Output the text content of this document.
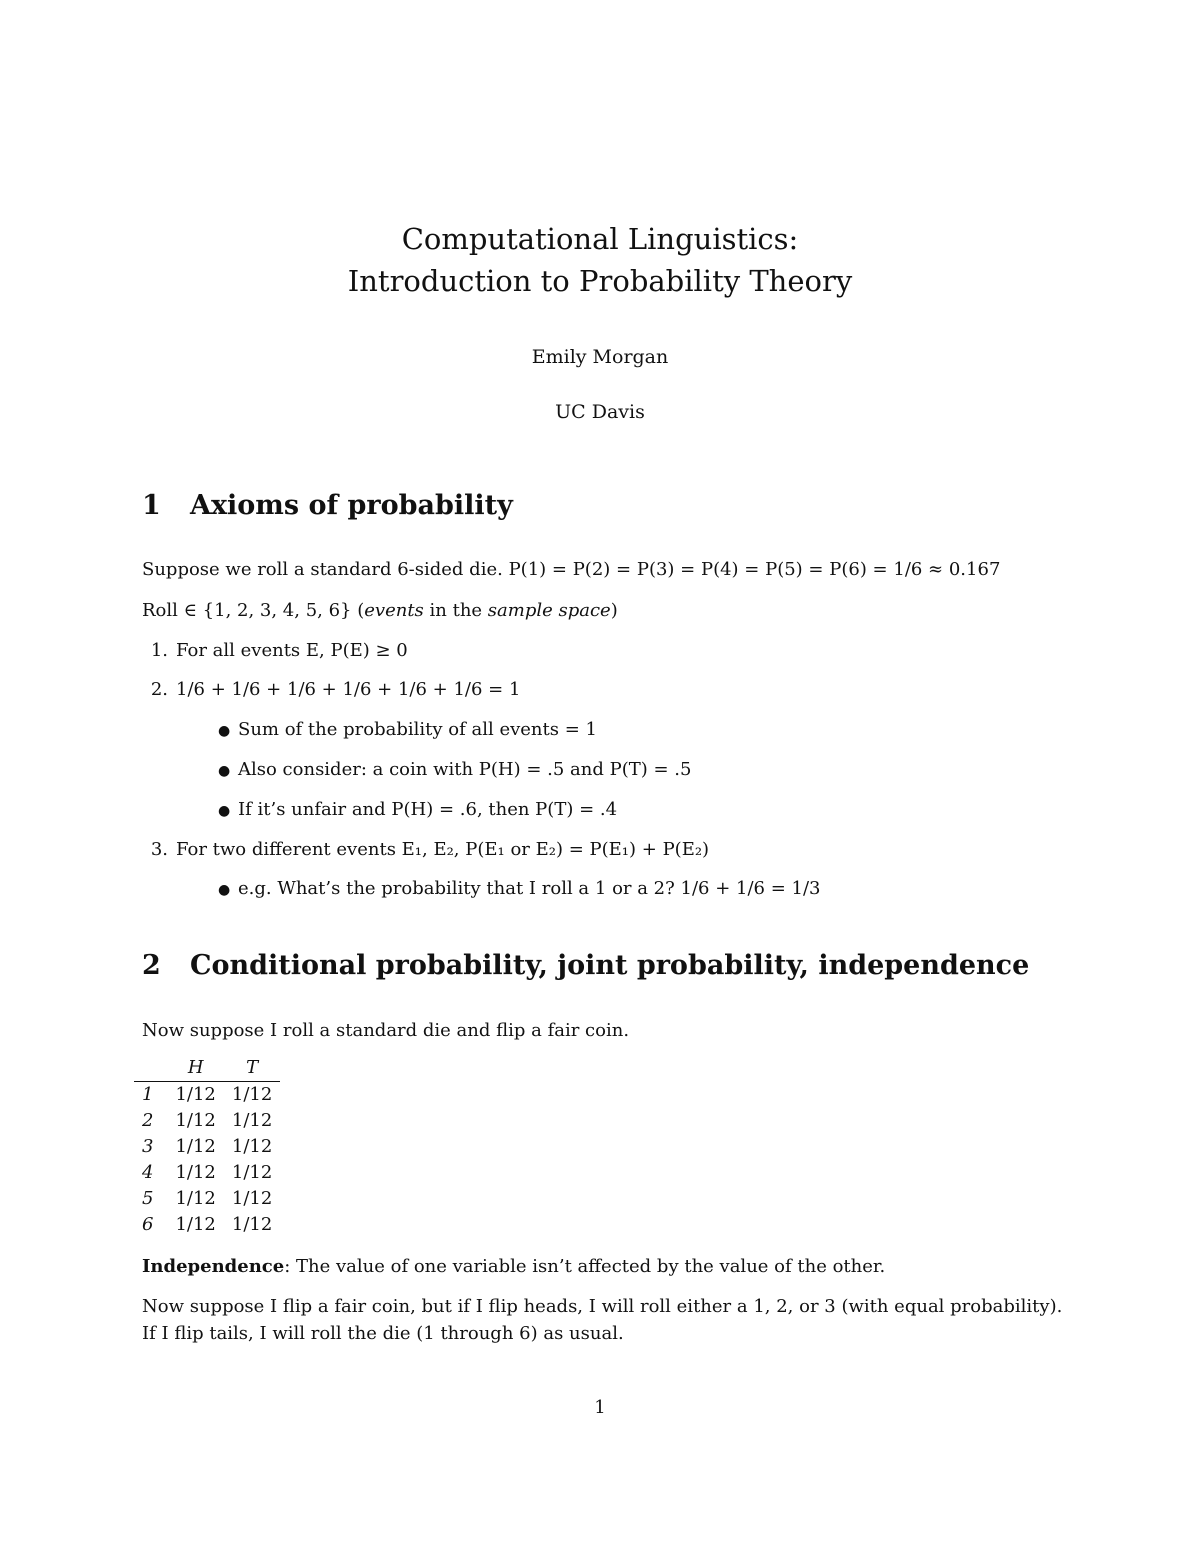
Computational Linguistics:
Introduction to Probability Theory
Emily Morgan
UC Davis
1 Axioms of probability
Suppose we roll a standard 6-sided die. P(1) = P(2) = P(3) = P(4) = P(5) = P(6) = 1/6 ≈ 0.167
Roll ∈ {1, 2, 3, 4, 5, 6} (events in the sample space)
1. For all events E, P(E) ≥ 0
2. 1/6 + 1/6 + 1/6 + 1/6 + 1/6 + 1/6 = 1
● Sum of the probability of all events = 1
● Also consider: a coin with P(H) = .5 and P(T) = .5
● If it’s unfair and P(H) = .6, then P(T) = .4
3. For two different events E₁, E₂, P(E₁ or E₂) = P(E₁) + P(E₂)
● e.g. What’s the probability that I roll a 1 or a 2? 1/6 + 1/6 = 1/3
2 Conditional probability, joint probability, independence
Now suppose I roll a standard die and flip a fair coin.
	H	T
1	1/12	1/12
2	1/12	1/12
3	1/12	1/12
4	1/12	1/12
5	1/12	1/12
6	1/12	1/12
Independence: The value of one variable isn’t affected by the value of the other.
Now suppose I flip a fair coin, but if I flip heads, I will roll either a 1, 2, or 3 (with equal probability).
If I flip tails, I will roll the die (1 through 6) as usual.
1
